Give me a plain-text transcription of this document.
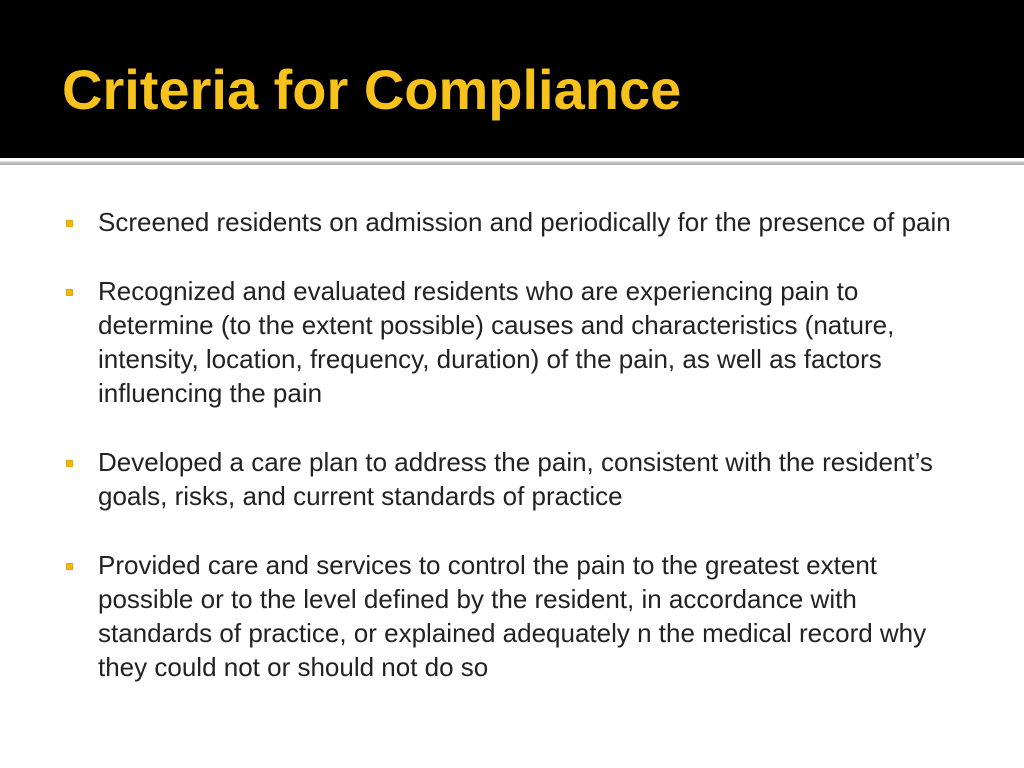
Criteria for Compliance
Screened residents on admission and periodically for the presence of pain
Recognized and evaluated residents who are experiencing pain to
determine (to the extent possible) causes and characteristics (nature,
intensity, location, frequency, duration) of the pain, as well as factors
influencing the pain
Developed a care plan to address the pain, consistent with the resident’s
goals, risks, and current standards of practice
Provided care and services to control the pain to the greatest extent
possible or to the level defined by the resident, in accordance with
standards of practice, or explained adequately n the medical record why
they could not or should not do so
